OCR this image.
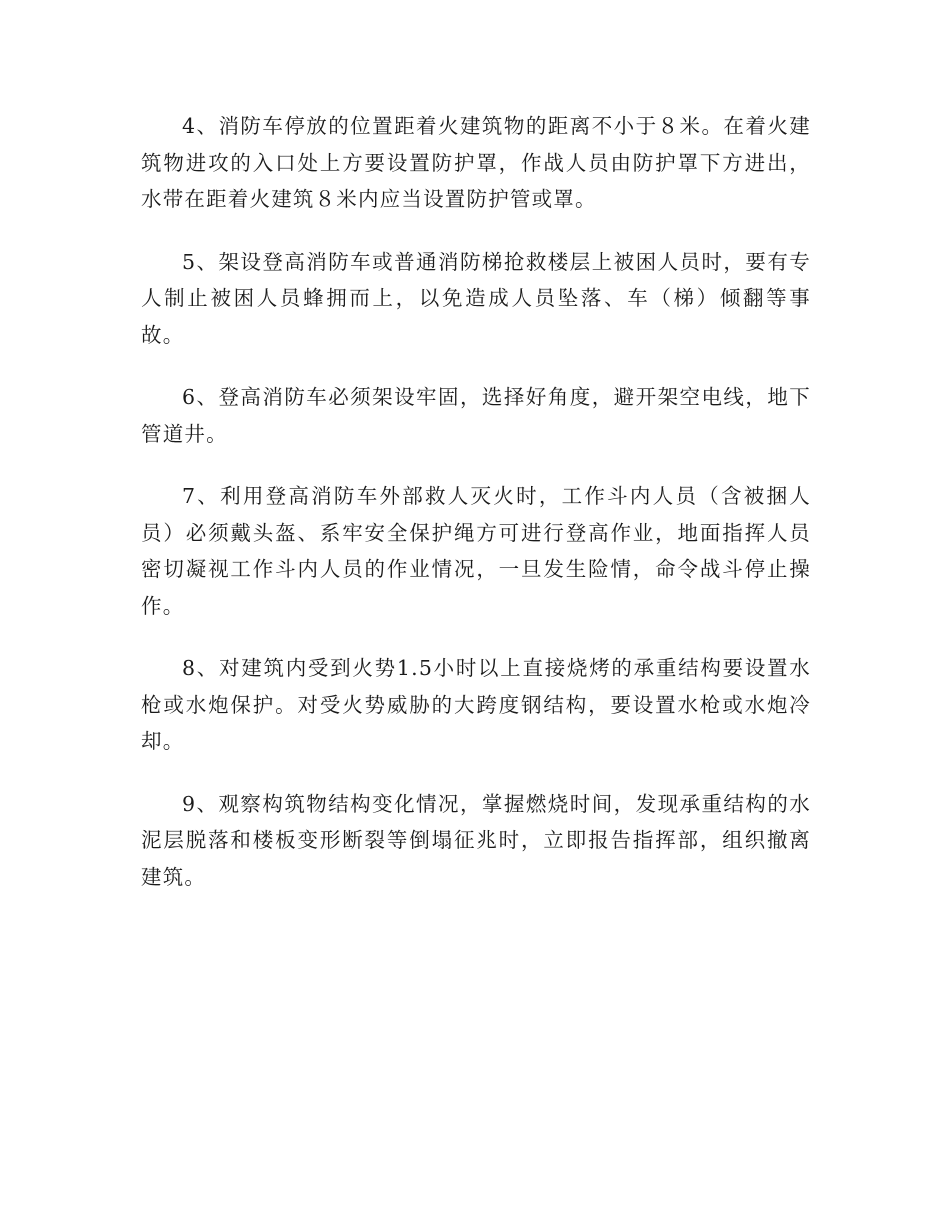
4、消防车停放的位置距着火建筑物的距离不小于８米。在着火建筑物进攻的入口处上方要设置防护罩，作战人员由防护罩下方进出，水带在距着火建筑８米内应当设置防护管或罩。

5、架设登高消防车或普通消防梯抢救楼层上被困人员时，要有专人制止被困人员蜂拥而上，以免造成人员坠落、车（梯）倾翻等事故。

6、登高消防车必须架设牢固，选择好角度，避开架空电线，地下管道井。

7、利用登高消防车外部救人灭火时，工作斗内人员（含被捆人员）必须戴头盔、系牢安全保护绳方可进行登高作业，地面指挥人员密切凝视工作斗内人员的作业情况，一旦发生险情，命令战斗停止操作。

8、对建筑内受到火势1.5小时以上直接烧烤的承重结构要设置水枪或水炮保护。对受火势威胁的大跨度钢结构，要设置水枪或水炮冷却。

9、观察构筑物结构变化情况，掌握燃烧时间，发现承重结构的水泥层脱落和楼板变形断裂等倒塌征兆时，立即报告指挥部，组织撤离建筑。
